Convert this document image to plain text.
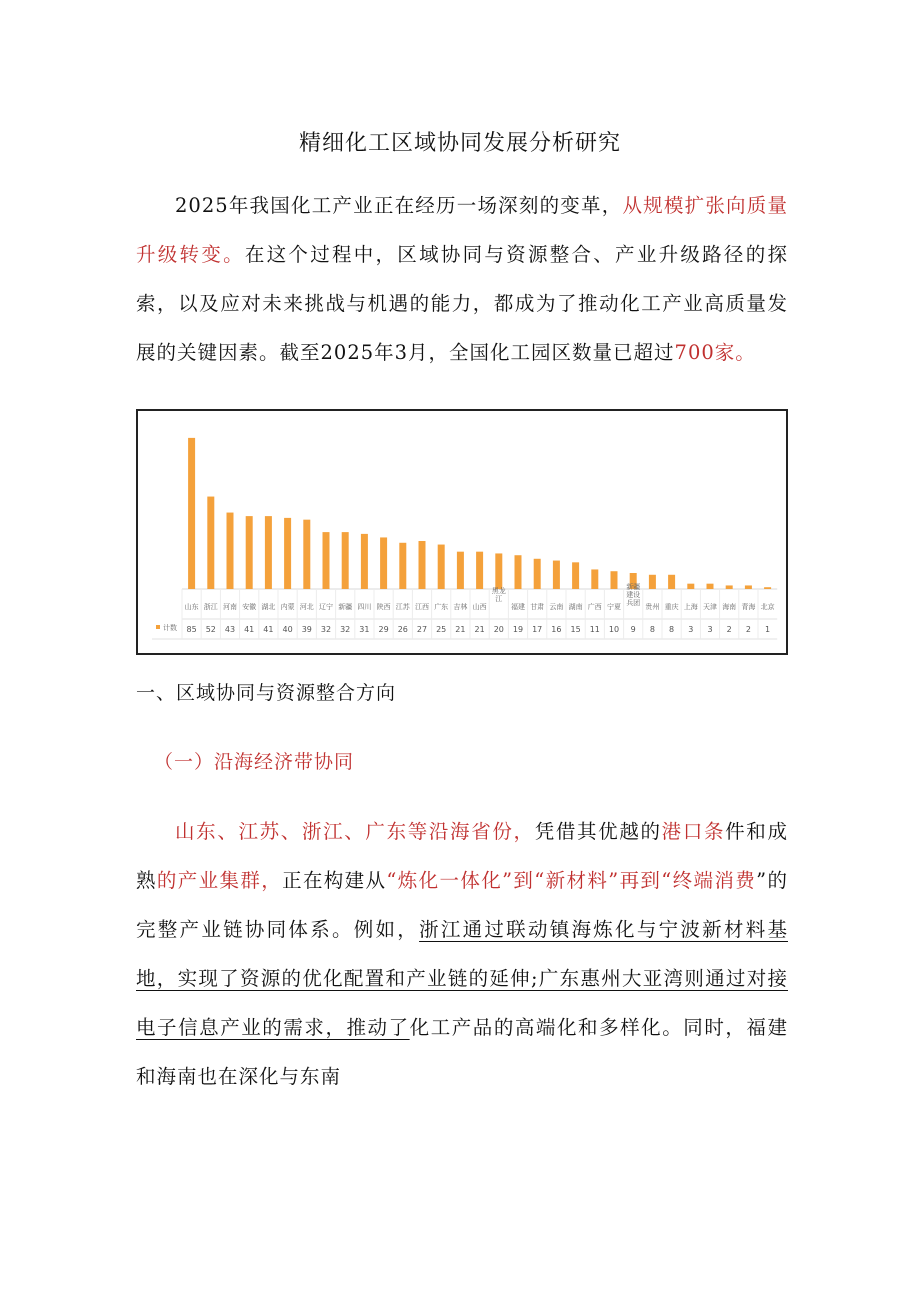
精细化工区域协同发展分析研究
2025年我国化工产业正在经历一场深刻的变革，从规模扩张向质量升级转变。在这个过程中，区域协同与资源整合、产业升级路径的探索，以及应对未来挑战与机遇的能力，都成为了推动化工产业高质量发展的关键因素。截至2025年3月，全国化工园区数量已超过700家。
计数
山东
85
浙江
52
河南
43
安徽
41
湖北
41
内蒙
40
河北
39
辽宁
32
新疆
32
四川
31
陕西
29
江苏
26
江西
27
广东
25
吉林
21
山西
21
黑龙
江
20
福建
19
甘肃
17
云南
16
湖南
15
广西
11
宁夏
10
新疆
建设
兵团
9
贵州
8
重庆
8
上海
3
天津
3
海南
2
青海
2
北京
1
一、区域协同与资源整合方向
（一）沿海经济带协同
山东、江苏、浙江、广东等沿海省份，凭借其优越的港口条件和成熟的产业集群，正在构建从“炼化一体化”到“新材料”再到“终端消费”的完整产业链协同体系。例如，浙江通过联动镇海炼化与宁波新材料基地，实现了资源的优化配置和产业链的延伸;广东惠州大亚湾则通过对接电子信息产业的需求，推动了化工产品的高端化和多样化。同时，福建和海南也在深化与东南
